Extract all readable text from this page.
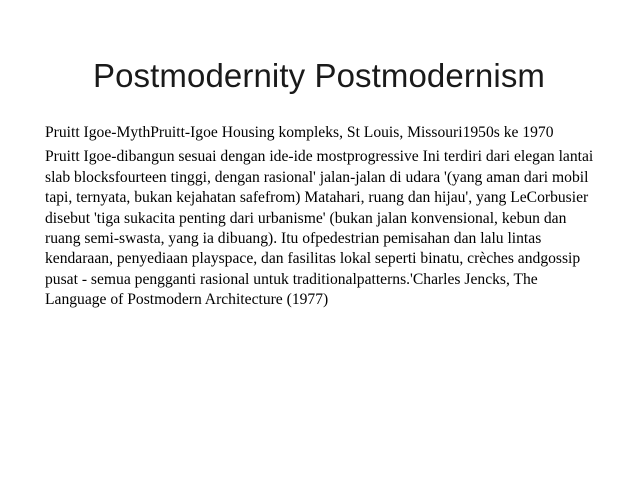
Postmodernity Postmodernism

Pruitt Igoe-MythPruitt-Igoe Housing kompleks, St Louis, Missouri1950s ke 1970

Pruitt Igoe-dibangun sesuai dengan ide-ide mostprogressive Ini terdiri dari elegan lantai slab blocksfourteen tinggi, dengan rasional' jalan-jalan di udara '(yang aman dari mobil tapi, ternyata, bukan kejahatan safefrom) Matahari, ruang dan hijau', yang LeCorbusier disebut 'tiga sukacita penting dari urbanisme' (bukan jalan konvensional, kebun dan ruang semi-swasta, yang ia dibuang). Itu ofpedestrian pemisahan dan lalu lintas kendaraan, penyediaan playspace, dan fasilitas lokal seperti binatu, crèches andgossip pusat - semua pengganti rasional untuk traditionalpatterns.'Charles Jencks, The Language of Postmodern Architecture (1977)
